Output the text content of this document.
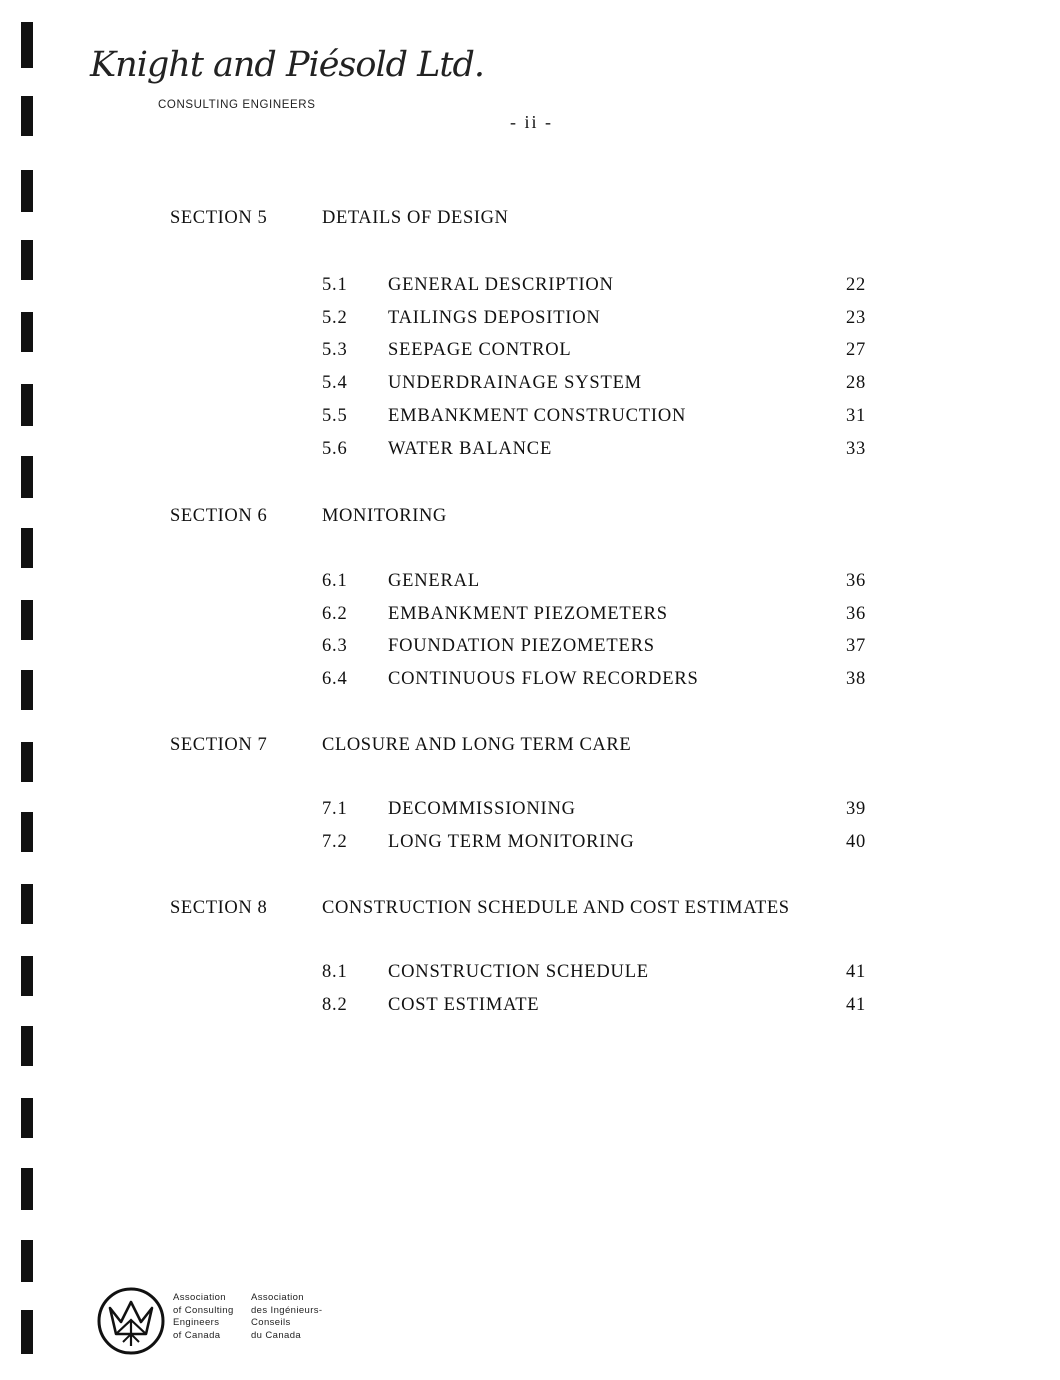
Knight and Piésold Ltd.
CONSULTING ENGINEERS
- ii -
SECTION 5	DETAILS OF DESIGN
5.1 GENERAL DESCRIPTION	22
5.2 TAILINGS DEPOSITION	23
5.3 SEEPAGE CONTROL	27
5.4 UNDERDRAINAGE SYSTEM	28
5.5 EMBANKMENT CONSTRUCTION	31
5.6 WATER BALANCE	33
SECTION 6	MONITORING
6.1 GENERAL	36
6.2 EMBANKMENT PIEZOMETERS	36
6.3 FOUNDATION PIEZOMETERS	37
6.4 CONTINUOUS FLOW RECORDERS	38
SECTION 7	CLOSURE AND LONG TERM CARE
7.1 DECOMMISSIONING	39
7.2 LONG TERM MONITORING	40
SECTION 8	CONSTRUCTION SCHEDULE AND COST ESTIMATES
8.1 CONSTRUCTION SCHEDULE	41
8.2 COST ESTIMATE	41
Association
of Consulting
Engineers
of Canada
Association
des Ingénieurs-
Conseils
du Canada
